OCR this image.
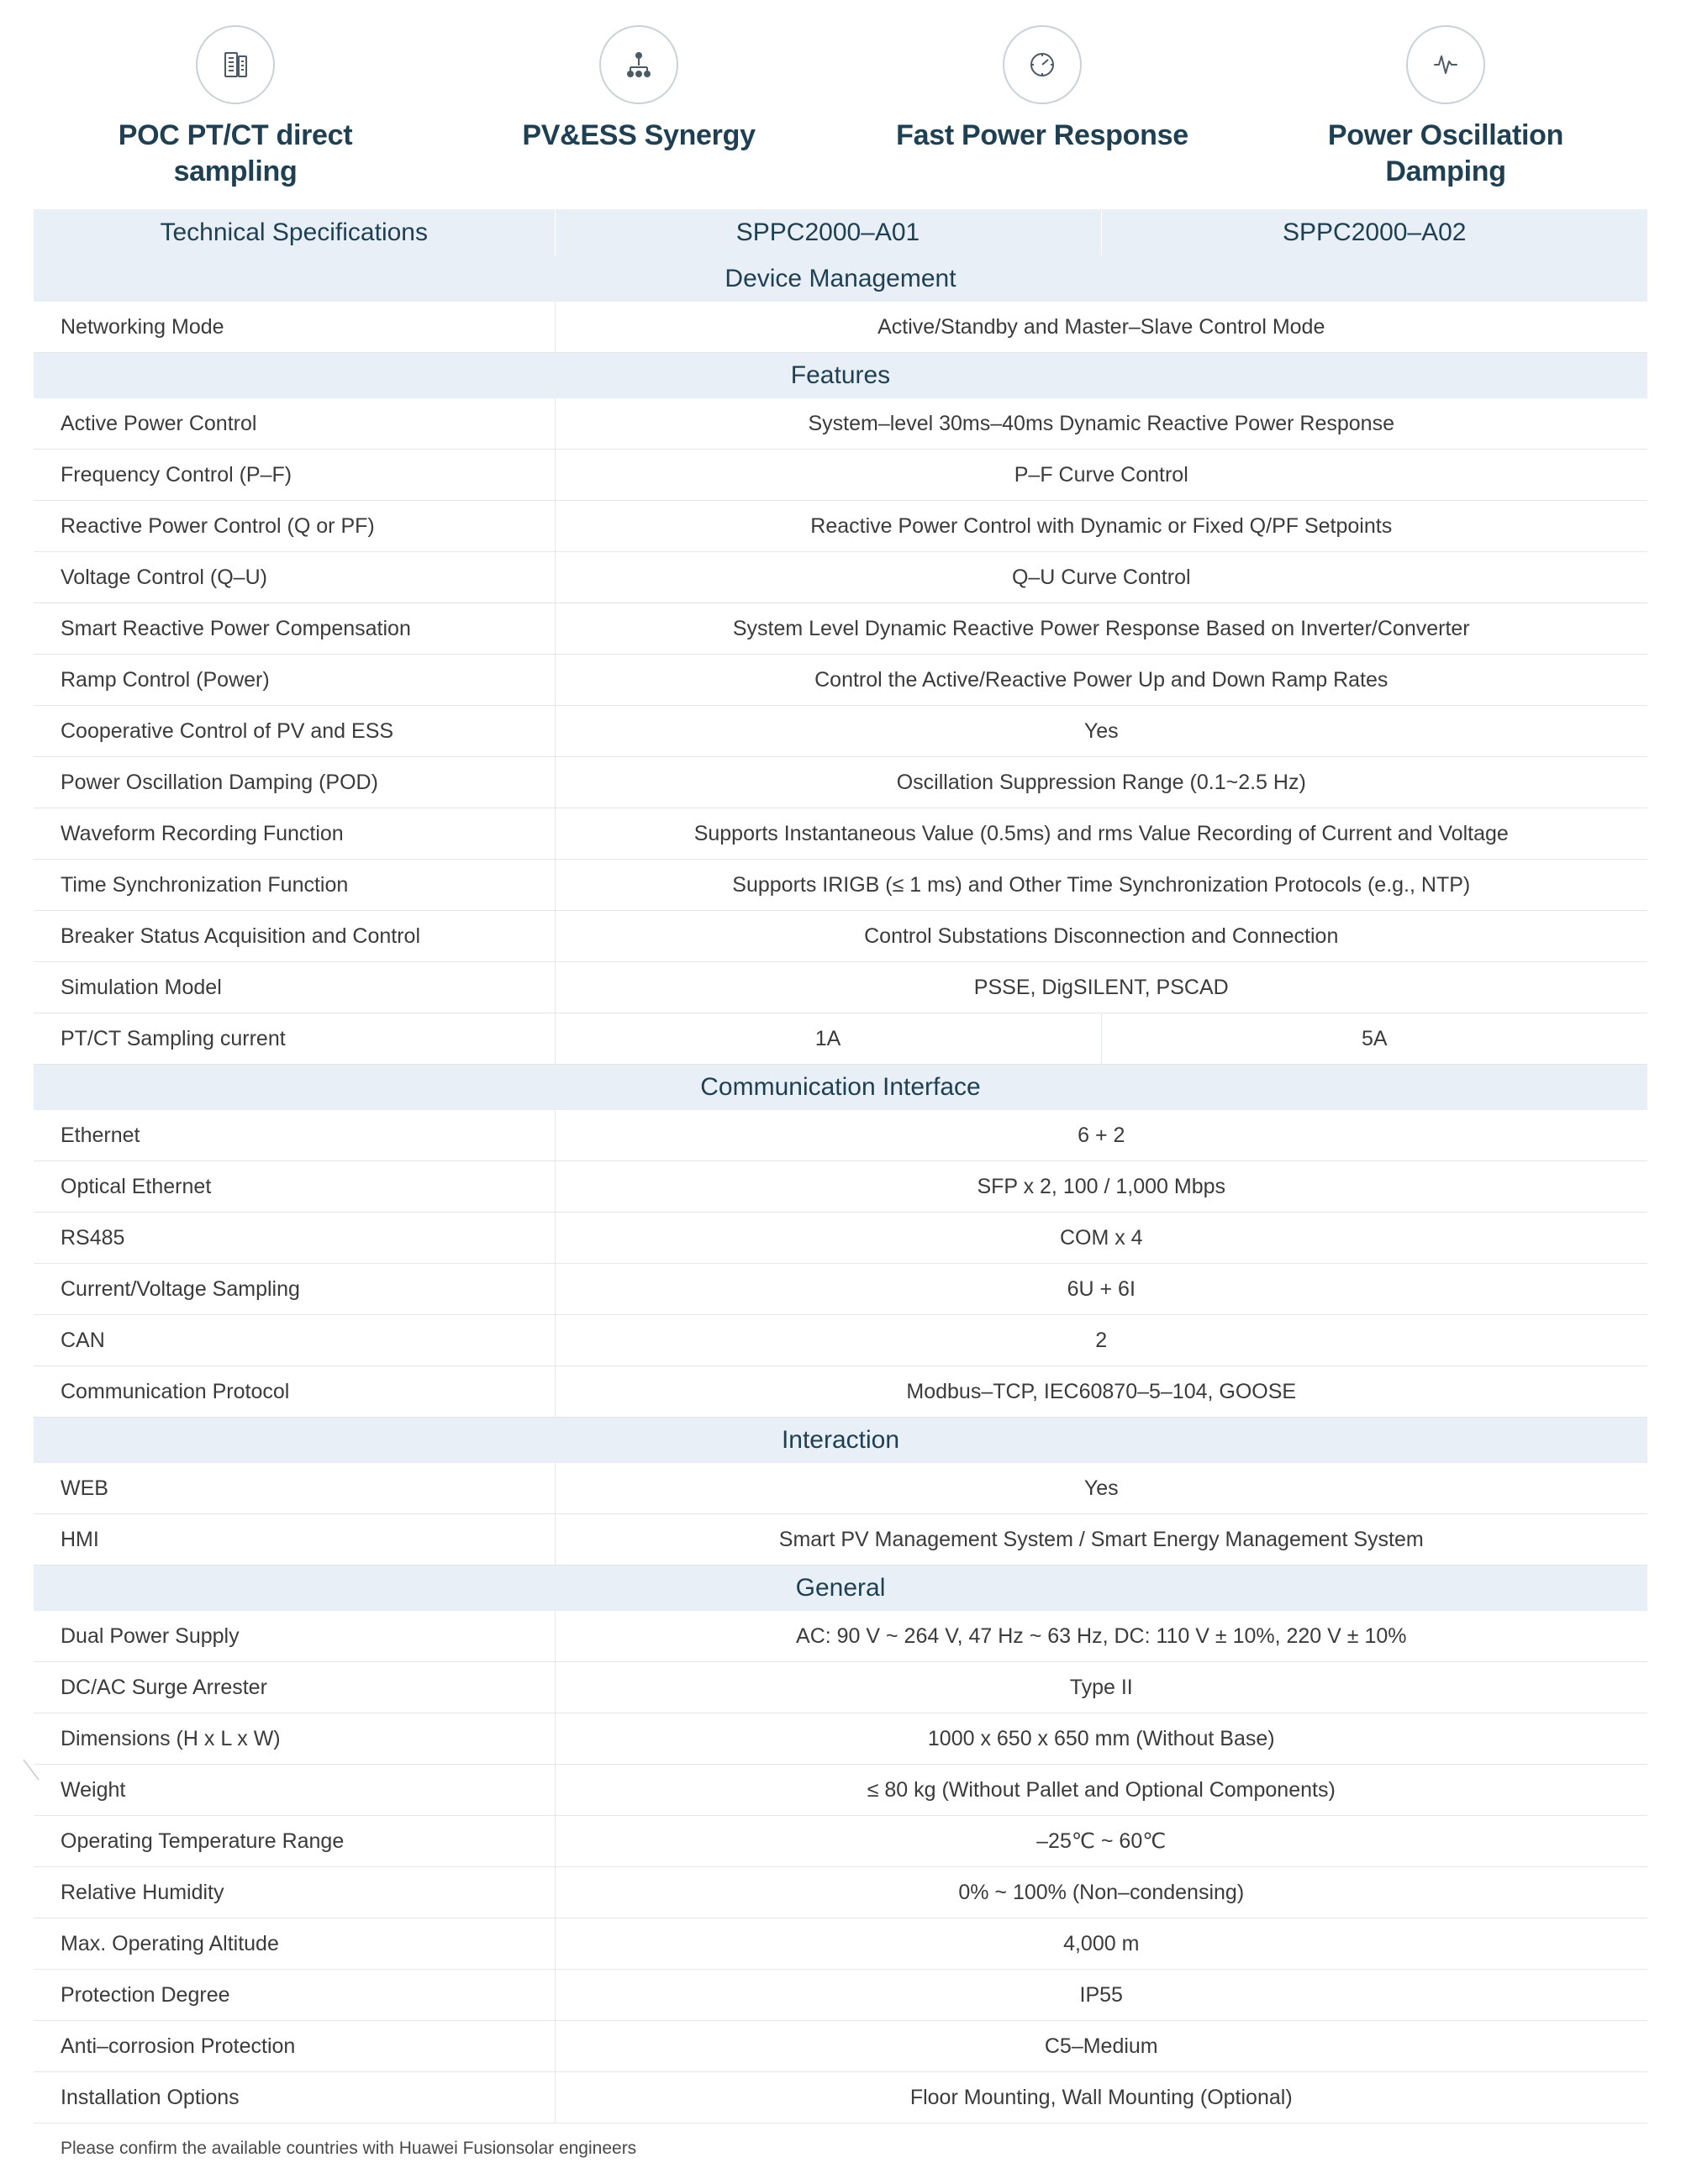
POC PT/CT direct sampling
PV&ESS Synergy	Fast Power Response	Power Oscillation Damping
Technical Specifications	SPPC2000–A01	SPPC2000–A02
Device Management		
Networking Mode	Active/Standby and Master–Slave Control Mode	
Features		
Active Power Control	System–level 30ms–40ms Dynamic Reactive Power Response	
Frequency Control (P–F)	P–F Curve Control	
Reactive Power Control (Q or PF)	Reactive Power Control with Dynamic or Fixed Q/PF Setpoints	
Voltage Control (Q–U)	Q–U Curve Control	
Smart Reactive Power Compensation	System Level Dynamic Reactive Power Response Based on Inverter/Converter	
Ramp Control (Power)	Control the Active/Reactive Power Up and Down Ramp Rates	
Cooperative Control of PV and ESS	Yes	
Power Oscillation Damping (POD)	Oscillation Suppression Range (0.1~2.5 Hz)	
Waveform Recording Function	Supports Instantaneous Value (0.5ms) and rms Value Recording of Current and Voltage	
Time Synchronization Function	Supports IRIGB (≤ 1 ms) and Other Time Synchronization Protocols (e.g., NTP)	
Breaker Status Acquisition and Control	Control Substations Disconnection and Connection	
Simulation Model	PSSE, DigSILENT, PSCAD	
PT/CT Sampling current	1A	5A
Communication Interface		
Ethernet	6 + 2	
Optical Ethernet	SFP x 2, 100 / 1,000 Mbps	
RS485	COM x 4	
Current/Voltage Sampling	6U + 6I	
CAN	2	
Communication Protocol	Modbus–TCP, IEC60870–5–104, GOOSE	
Interaction		
WEB	Yes	
HMI	Smart PV Management System / Smart Energy Management System	
General		
Dual Power Supply	AC: 90 V ~ 264 V, 47 Hz ~ 63 Hz, DC: 110 V ± 10%, 220 V ± 10%	
DC/AC Surge Arrester	Type II	
Dimensions (H x L x W)	1000 x 650 x 650 mm (Without Base)	
Weight	≤ 80 kg (Without Pallet and Optional Components)	
Operating Temperature Range	–25℃ ~ 60℃	
Relative Humidity	0% ~ 100% (Non–condensing)	
Max. Operating Altitude	4,000 m	
Protection Degree	IP55	
Anti–corrosion Protection	C5–Medium	
Installation Options	Floor Mounting, Wall Mounting (Optional)	
Please confirm the available countries with Huawei Fusionsolar engineers
